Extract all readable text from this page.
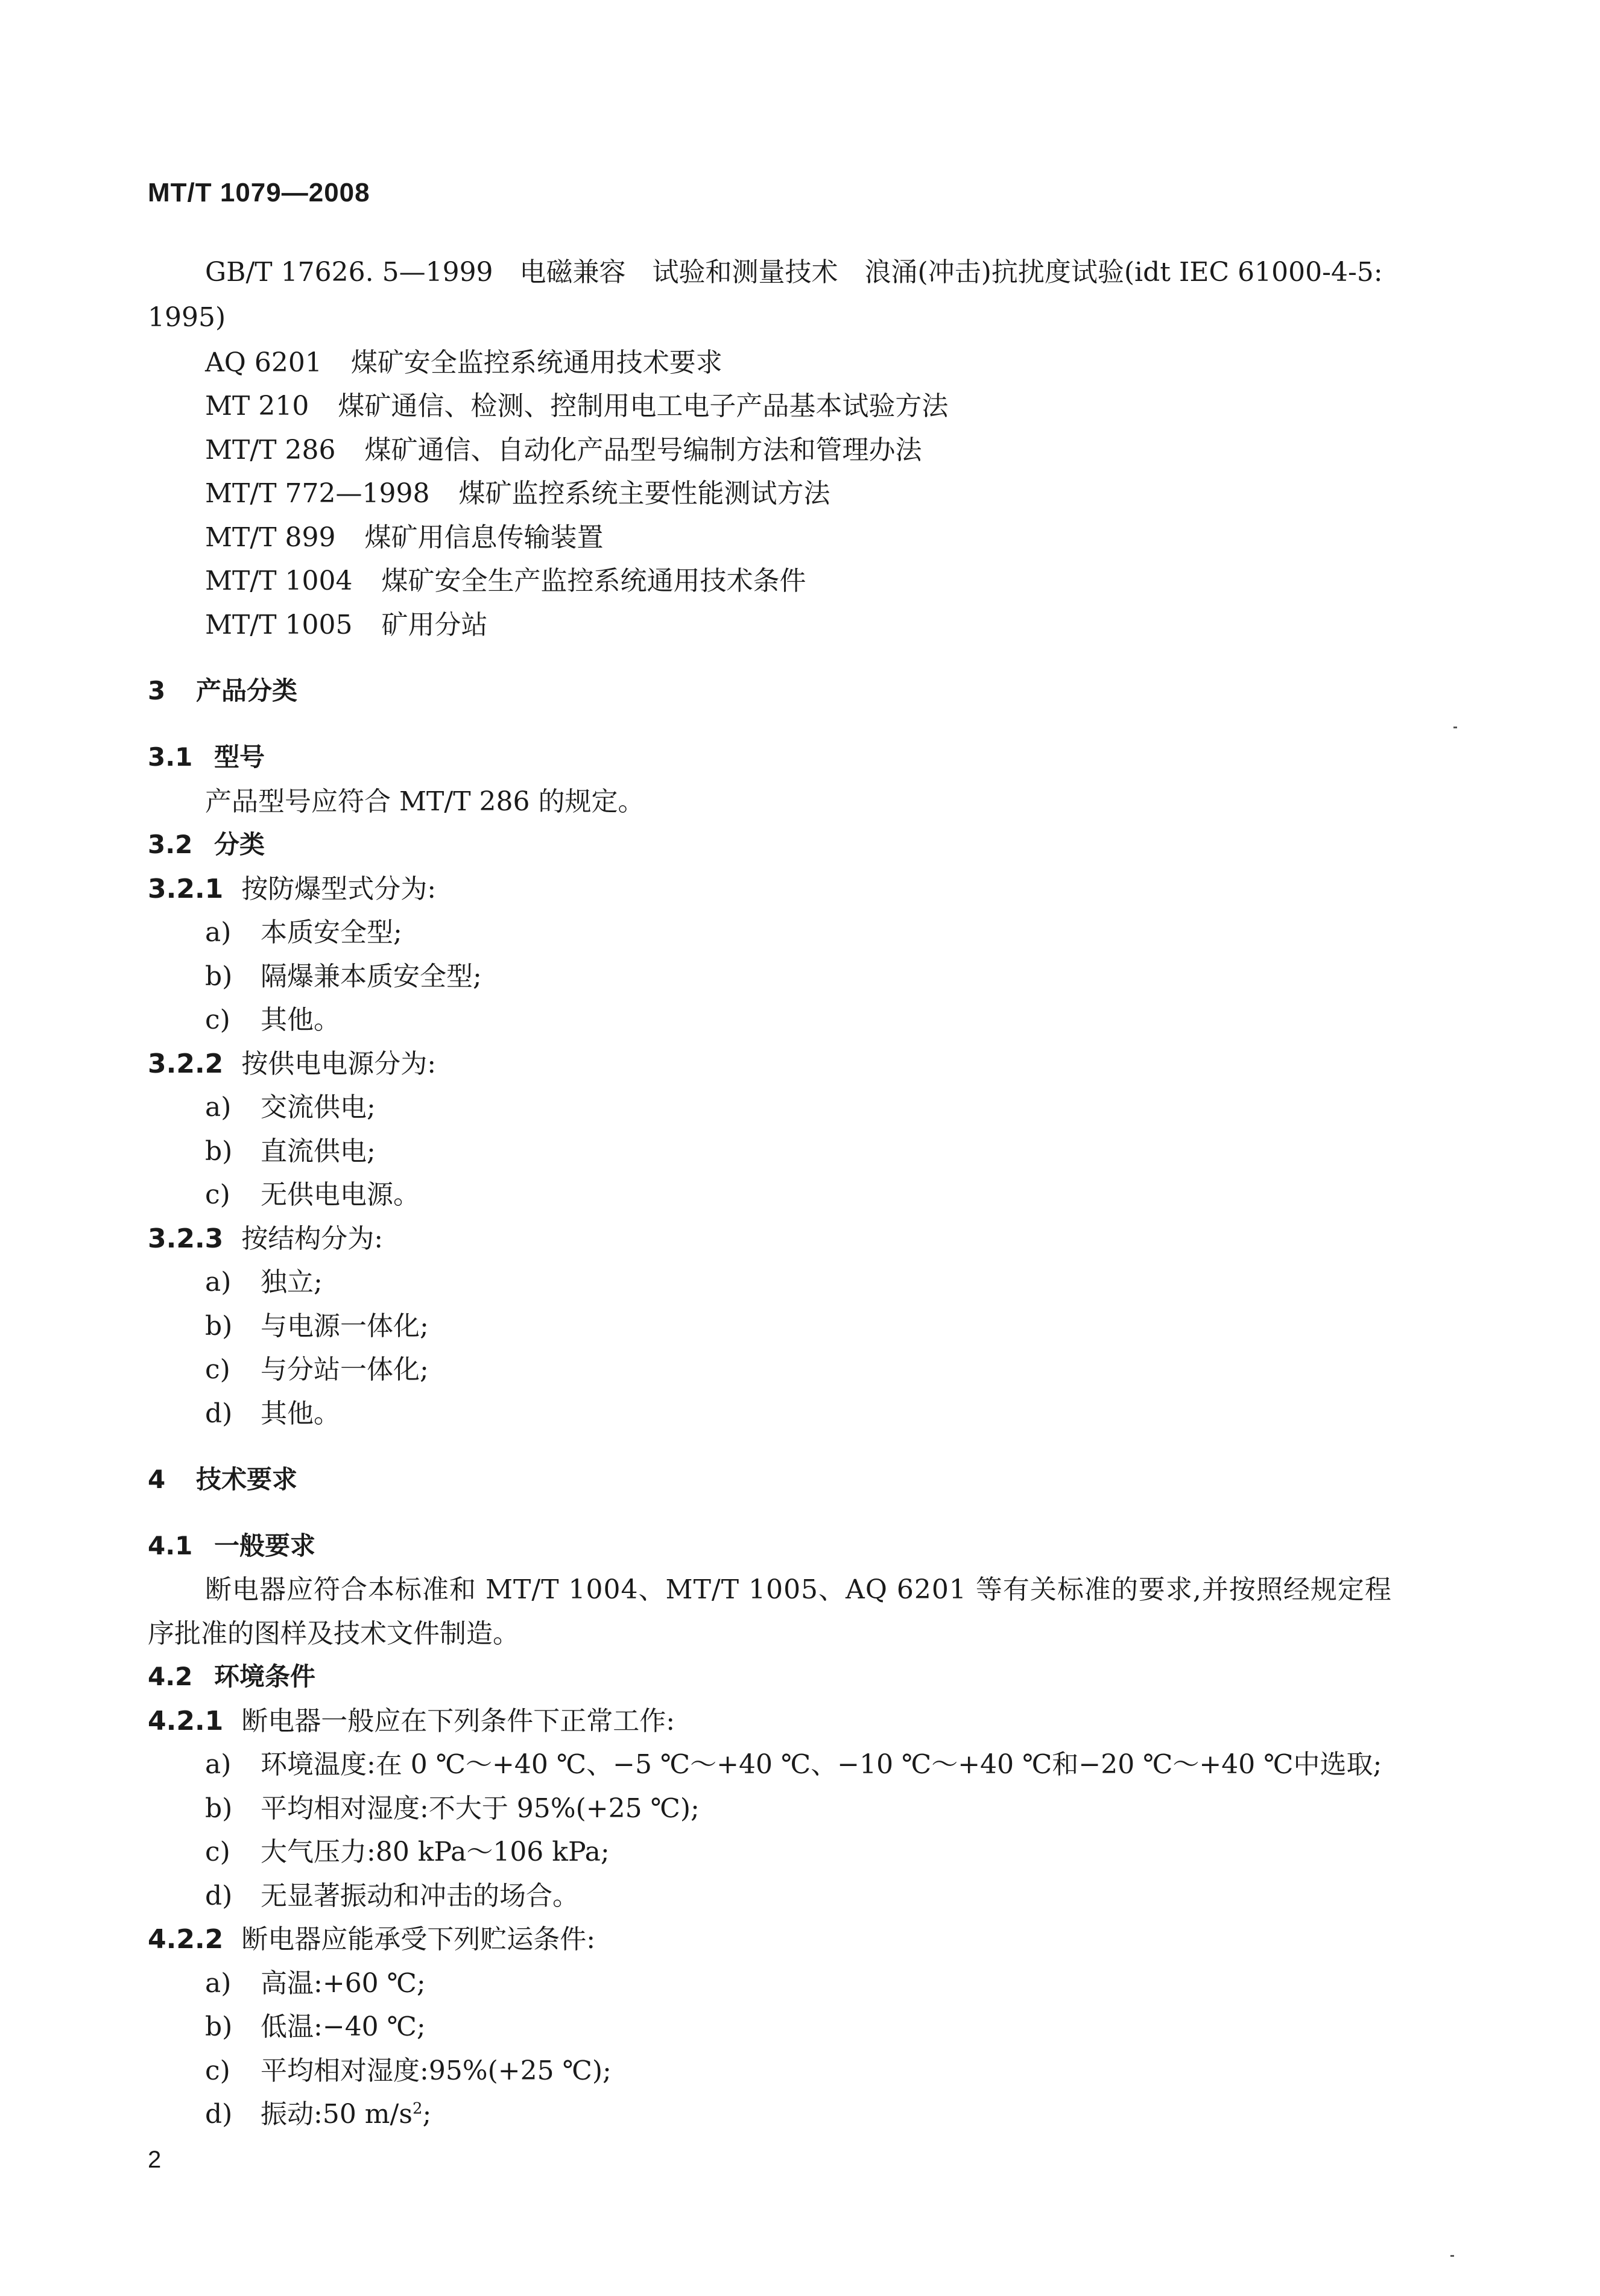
MT/T 1079—2008
GB/T 17626. 5—1999　电磁兼容　试验和测量技术　浪涌(冲击)抗扰度试验(idt IEC 61000-4-5:
1995)
AQ 6201 煤矿安全监控系统通用技术要求
MT 210 煤矿通信、检测、控制用电工电子产品基本试验方法
MT/T 286 煤矿通信、自动化产品型号编制方法和管理办法
MT/T 772—1998 煤矿监控系统主要性能测试方法
MT/T 899 煤矿用信息传输装置
MT/T 1004 煤矿安全生产监控系统通用技术条件
MT/T 1005 矿用分站
3 产品分类
3.1 型号
产品型号应符合 MT/T 286 的规定。
3.2 分类
3.2.1 按防爆型式分为:
a) 本质安全型;
b) 隔爆兼本质安全型;
c) 其他。
3.2.2 按供电电源分为:
a) 交流供电;
b) 直流供电;
c) 无供电电源。
3.2.3 按结构分为:
a) 独立;
b) 与电源一体化;
c) 与分站一体化;
d) 其他。
4 技术要求
4.1 一般要求
断电器应符合本标准和 MT/T 1004、MT/T 1005、AQ 6201 等有关标准的要求,并按照经规定程
序批准的图样及技术文件制造。
4.2 环境条件
4.2.1 断电器一般应在下列条件下正常工作:
a) 环境温度:在 0 ℃～+40 ℃、−5 ℃～+40 ℃、−10 ℃～+40 ℃和−20 ℃～+40 ℃中选取;
b) 平均相对湿度:不大于 95%(+25 ℃);
c) 大气压力:80 kPa～106 kPa;
d) 无显著振动和冲击的场合。
4.2.2 断电器应能承受下列贮运条件:
a) 高温:+60 ℃;
b) 低温:−40 ℃;
c) 平均相对湿度:95%(+25 ℃);
d) 振动:50 $m/s^2$;
2
